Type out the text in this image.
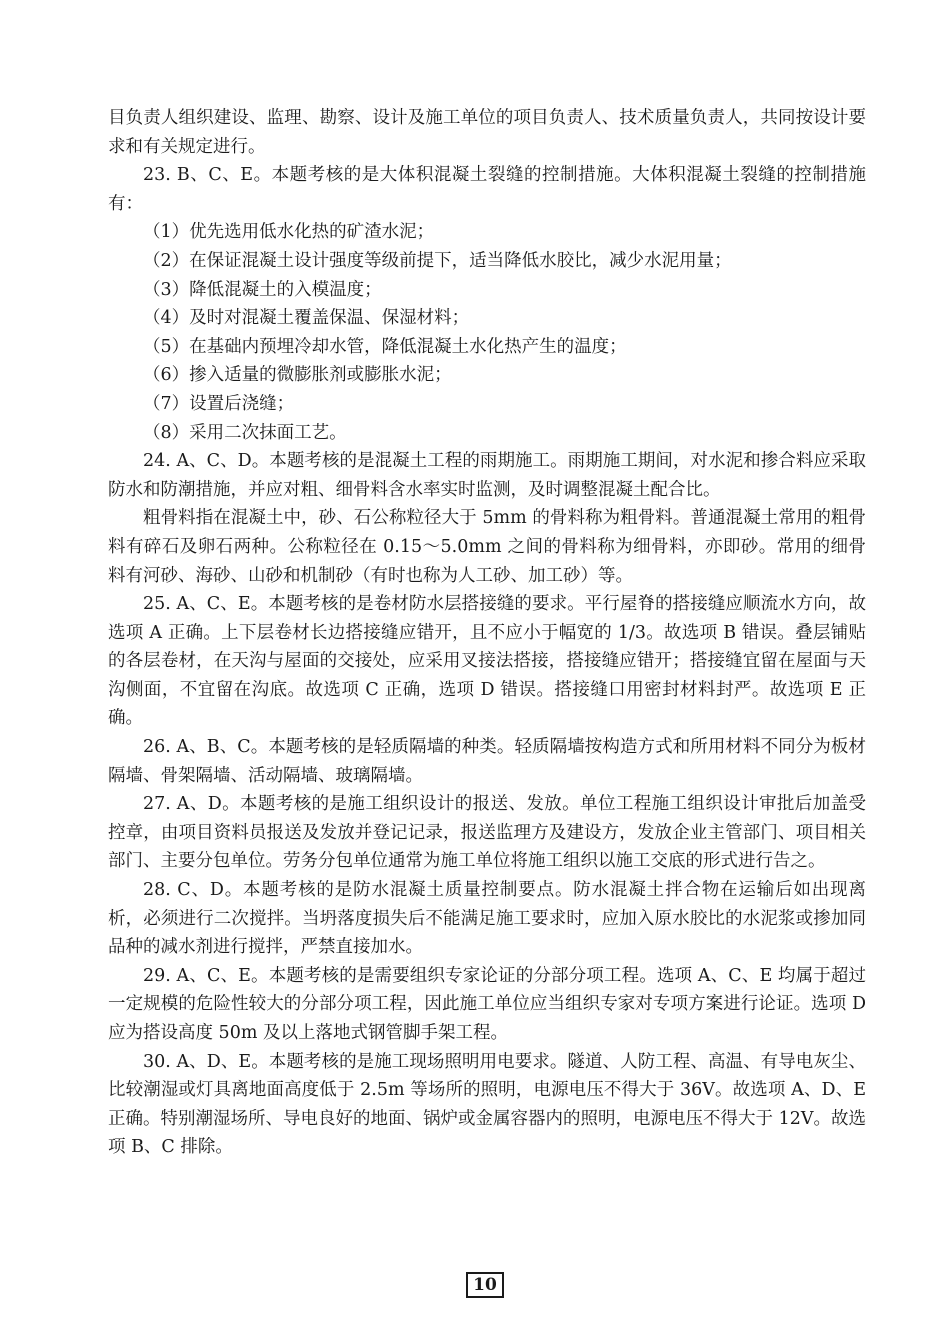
目负责人组织建设、监理、勘察、设计及施工单位的项目负责人、技术质量负责人，共同按设计要求和有关规定进行。

23. B、C、E。本题考核的是大体积混凝土裂缝的控制措施。大体积混凝土裂缝的控制措施有：

（1）优先选用低水化热的矿渣水泥；

（2）在保证混凝土设计强度等级前提下，适当降低水胶比，减少水泥用量；

（3）降低混凝土的入模温度；

（4）及时对混凝土覆盖保温、保湿材料；

（5）在基础内预埋冷却水管，降低混凝土水化热产生的温度；

（6）掺入适量的微膨胀剂或膨胀水泥；

（7）设置后浇缝；

（8）采用二次抹面工艺。

24. A、C、D。本题考核的是混凝土工程的雨期施工。雨期施工期间，对水泥和掺合料应采取防水和防潮措施，并应对粗、细骨料含水率实时监测，及时调整混凝土配合比。

粗骨料指在混凝土中，砂、石公称粒径大于 5mm 的骨料称为粗骨料。普通混凝土常用的粗骨料有碎石及卵石两种。公称粒径在 0.15～5.0mm 之间的骨料称为细骨料，亦即砂。常用的细骨料有河砂、海砂、山砂和机制砂（有时也称为人工砂、加工砂）等。

25. A、C、E。本题考核的是卷材防水层搭接缝的要求。平行屋脊的搭接缝应顺流水方向，故选项 A 正确。上下层卷材长边搭接缝应错开，且不应小于幅宽的 1/3。故选项 B 错误。叠层铺贴的各层卷材，在天沟与屋面的交接处，应采用叉接法搭接，搭接缝应错开；搭接缝宜留在屋面与天沟侧面，不宜留在沟底。故选项 C 正确，选项 D 错误。搭接缝口用密封材料封严。故选项 E 正确。

26. A、B、C。本题考核的是轻质隔墙的种类。轻质隔墙按构造方式和所用材料不同分为板材隔墙、骨架隔墙、活动隔墙、玻璃隔墙。

27. A、D。本题考核的是施工组织设计的报送、发放。单位工程施工组织设计审批后加盖受控章，由项目资料员报送及发放并登记记录，报送监理方及建设方，发放企业主管部门、项目相关部门、主要分包单位。劳务分包单位通常为施工单位将施工组织以施工交底的形式进行告之。

28. C、D。本题考核的是防水混凝土质量控制要点。防水混凝土拌合物在运输后如出现离析，必须进行二次搅拌。当坍落度损失后不能满足施工要求时，应加入原水胶比的水泥浆或掺加同品种的减水剂进行搅拌，严禁直接加水。

29. A、C、E。本题考核的是需要组织专家论证的分部分项工程。选项 A、C、E 均属于超过一定规模的危险性较大的分部分项工程，因此施工单位应当组织专家对专项方案进行论证。选项 D 应为搭设高度 50m 及以上落地式钢管脚手架工程。

30. A、D、E。本题考核的是施工现场照明用电要求。隧道、人防工程、高温、有导电灰尘、比较潮湿或灯具离地面高度低于 2.5m 等场所的照明，电源电压不得大于 36V。故选项 A、D、E 正确。特别潮湿场所、导电良好的地面、锅炉或金属容器内的照明，电源电压不得大于 12V。故选项 B、C 排除。

10
